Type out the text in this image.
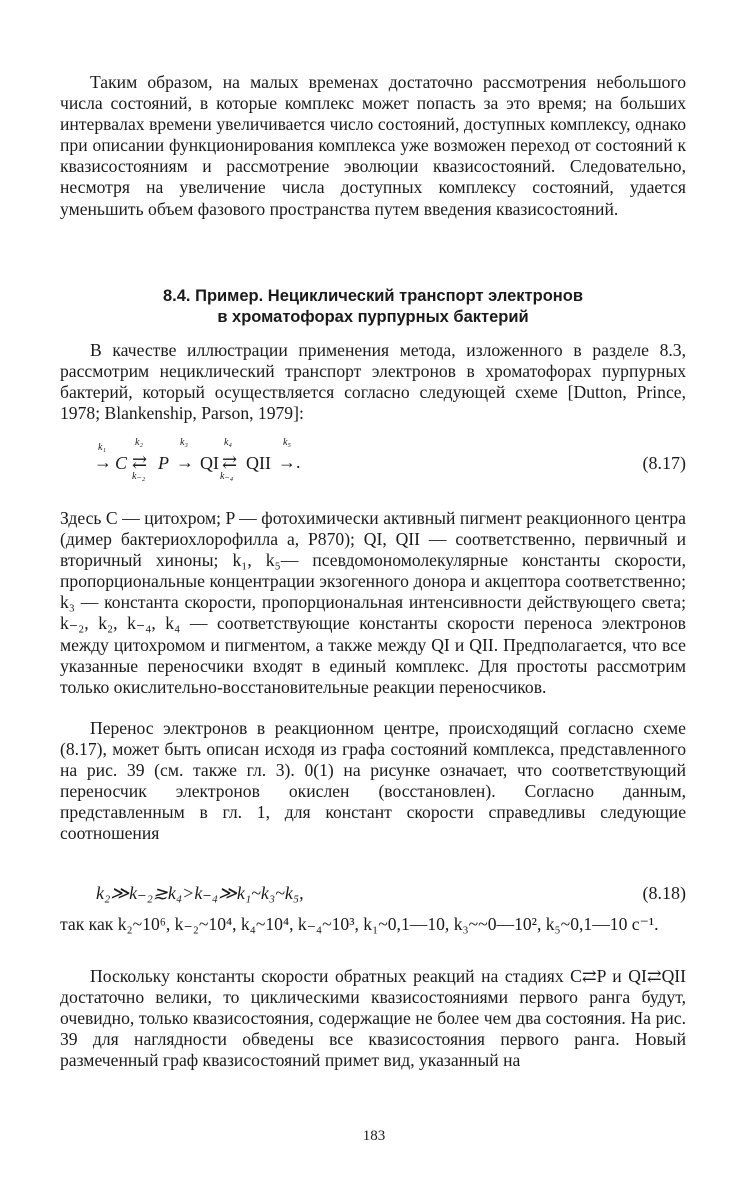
Таким образом, на малых временах достаточно рассмотрения небольшого числа состояний, в которые комплекс может попасть за это время; на больших интервалах времени увеличивается число состояний, доступных комплексу, однако при описании функционирования комплекса уже возможен переход от состояний к квазисостояниям и рассмотрение эволюции квазисостояний. Следовательно, несмотря на увеличение числа доступных комплексу состояний, удается уменьшить объем фазового пространства путем введения квазисостояний.

8.4. Пример. Нециклический транспорт электронов
в хроматофорах пурпурных бактерий

В качестве иллюстрации применения метода, изложенного в разделе 8.3, рассмотрим нециклический транспорт электронов в хроматофорах пурпурных бактерий, который осуществляется согласно следующей схеме [Dutton, Prince, 1978; Blankenship, Parson, 1979]:

k₁
→ C
k₂
⇄
k₋₂
P
k₃
→ QI
k₄
⇄
k₋₄
QII
k₅
→.	(8.17)

Здесь C — цитохром; P — фотохимически активный пигмент реакционного центра (димер бактериохлорофилла a, P870); QI, QII — соответственно, первичный и вторичный хиноны; k₁, k₅— псевдомономолекулярные константы скорости, пропорциональные концентрации экзогенного донора и акцептора соответственно; k₃ — константа скорости, пропорциональная интенсивности действующего света; k₋₂, k₂, k₋₄, k₄ — соответствующие константы скорости переноса электронов между цитохромом и пигментом, а также между QI и QII. Предполагается, что все указанные переносчики входят в единый комплекс. Для простоты рассмотрим только окислительно-восстановительные реакции переносчиков.

Перенос электронов в реакционном центре, происходящий согласно схеме (8.17), может быть описан исходя из графа состояний комплекса, представленного на рис. 39 (см. также гл. 3). 0(1) на рисунке означает, что соответствующий переносчик электронов окислен (восстановлен). Согласно данным, представленным в гл. 1, для констант скорости справедливы следующие соотношения

k₂≫k₋₂≳k₄>k₋₄≫k₁~k₃~k₅,	(8.18)

так как k₂~10⁶, k₋₂~10⁴, k₄~10⁴, k₋₄~10³, k₁~0,1—10, k₃~~0—10², k₅~0,1—10 с⁻¹.

Поскольку константы скорости обратных реакций на стадиях C⇄P и QI⇄QII достаточно велики, то циклическими квазисостояниями первого ранга будут, очевидно, только квазисостояния, содержащие не более чем два состояния. На рис. 39 для наглядности обведены все квазисостояния первого ранга. Новый размеченный граф квазисостояний примет вид, указанный на

183
